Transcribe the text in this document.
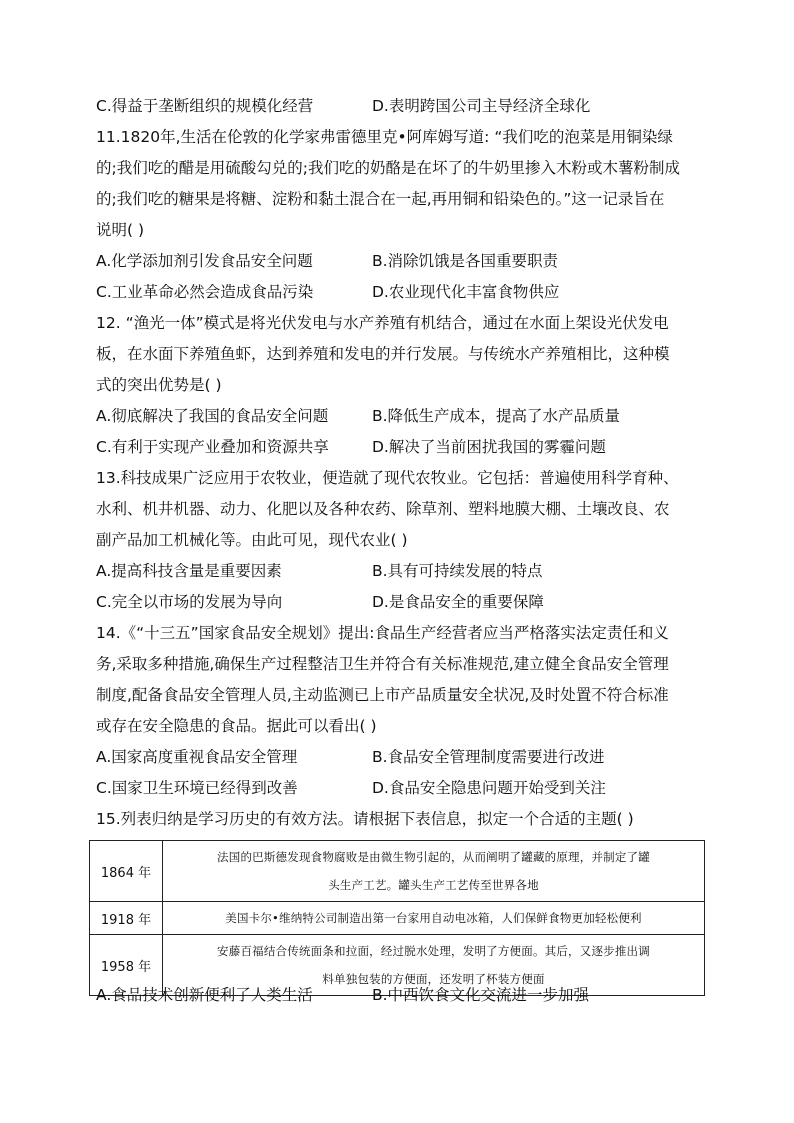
C.得益于垄断组织的规模化经营	D.表明跨国公司主导经济全球化
11.1820年,生活在伦敦的化学家弗雷德里克•阿库姆写道: “我们吃的泡菜是用铜染绿
的;我们吃的醋是用硫酸勾兑的;我们吃的奶酪是在坏了的牛奶里掺入木粉或木薯粉制成
的;我们吃的糖果是将糖、淀粉和黏土混合在一起,再用铜和铅染色的。”这一记录旨在
说明( )
A.化学添加剂引发食品安全问题	B.消除饥饿是各国重要职责
C.工业革命必然会造成食品污染	D.农业现代化丰富食物供应
12. “渔光一体”模式是将光伏发电与水产养殖有机结合，通过在水面上架设光伏发电
板，在水面下养殖鱼虾，达到养殖和发电的并行发展。与传统水产养殖相比，这种模
式的突出优势是( )
A.彻底解决了我国的食品安全问题	B.降低生产成本，提高了水产品质量
C.有利于实现产业叠加和资源共享	D.解决了当前困扰我国的雾霾问题
13.科技成果广泛应用于农牧业，便造就了现代农牧业。它包括：普遍使用科学育种、
水利、机井机器、动力、化肥以及各种农药、除草剂、塑料地膜大棚、土壤改良、农
副产品加工机械化等。由此可见，现代农业( )
A.提高科技含量是重要因素	B.具有可持续发展的特点
C.完全以市场的发展为导向	D.是食品安全的重要保障
14.《“十三五”国家食品安全规划》提出:食品生产经营者应当严格落实法定责任和义
务,采取多种措施,确保生产过程整洁卫生并符合有关标准规范,建立健全食品安全管理
制度,配备食品安全管理人员,主动监测已上市产品质量安全状况,及时处置不符合标准
或存在安全隐患的食品。据此可以看出( )
A.国家高度重视食品安全管理	B.食品安全管理制度需要进行改进
C.国家卫生环境已经得到改善	D.食品安全隐患问题开始受到关注
15.列表归纳是学习历史的有效方法。请根据下表信息，拟定一个合适的主题( )
1864 年	法国的巴斯德发现食物腐败是由微生物引起的，从而阐明了罐藏的原理，并制定了罐
头生产工艺。罐头生产工艺传至世界各地

1918 年	美国卡尔•维纳特公司制造出第一台家用自动电冰箱，人们保鲜食物更加轻松便利

1958 年	安藤百福结合传统面条和拉面，经过脱水处理，发明了方便面。其后，又逐步推出调
料单独包装的方便面，还发明了杯装方便面
A.食品技术创新便利了人类生活	B.中西饮食文化交流进一步加强
